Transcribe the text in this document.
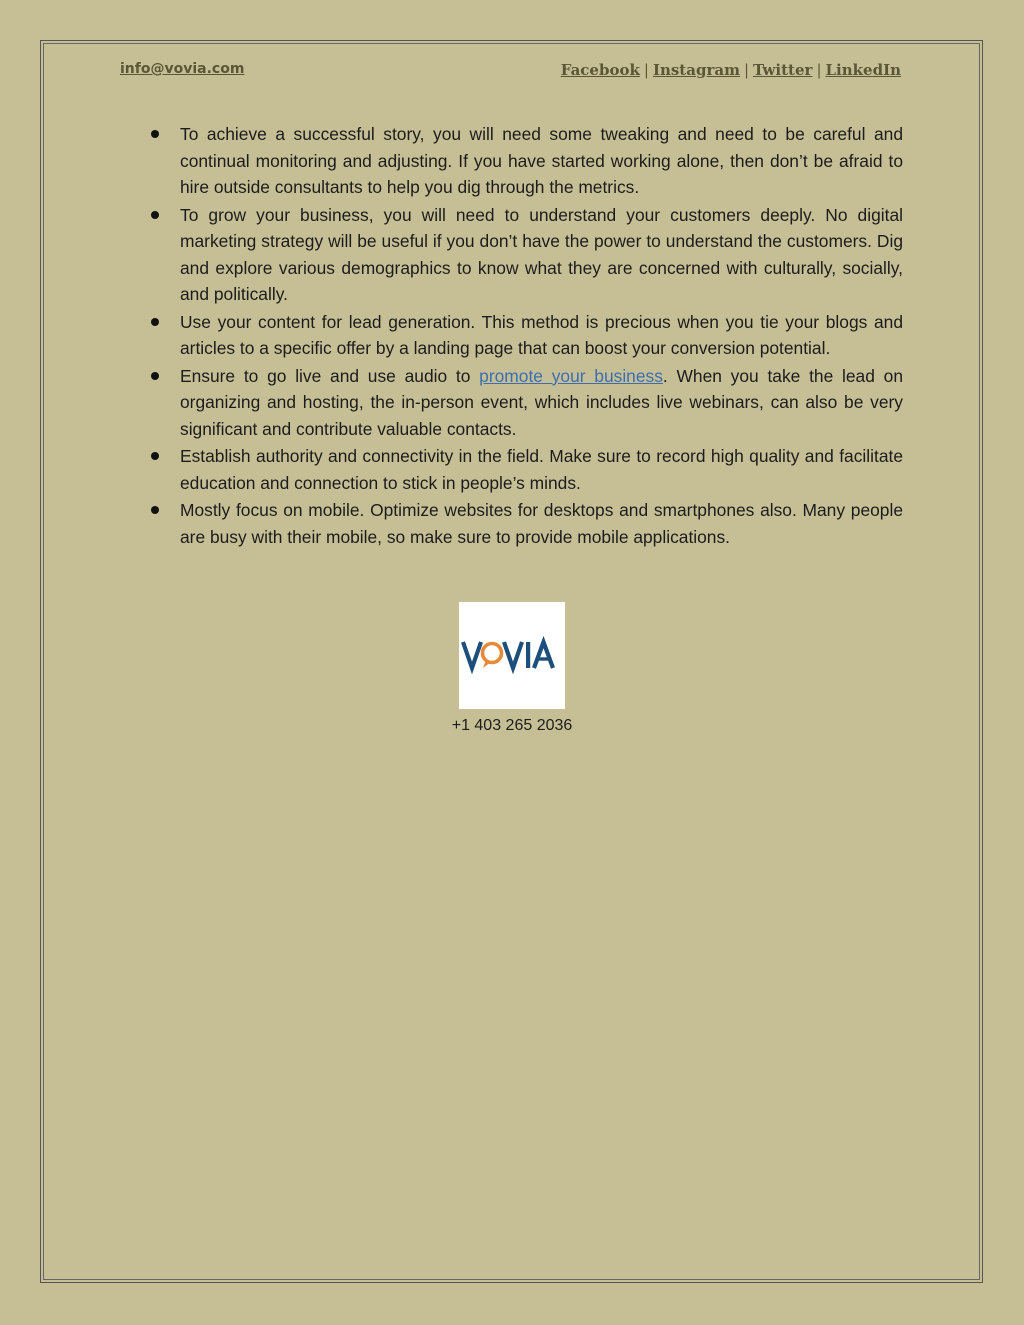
info@vovia.com	Facebook | Instagram | Twitter | LinkedIn
To achieve a successful story, you will need some tweaking and need to be careful and continual monitoring and adjusting. If you have started working alone, then don’t be afraid to hire outside consultants to help you dig through the metrics.
To grow your business, you will need to understand your customers deeply. No digital marketing strategy will be useful if you don’t have the power to understand the customers. Dig and explore various demographics to know what they are concerned with culturally, socially, and politically.
Use your content for lead generation. This method is precious when you tie your blogs and articles to a specific offer by a landing page that can boost your conversion potential.
Ensure to go live and use audio to promote your business. When you take the lead on organizing and hosting, the in-person event, which includes live webinars, can also be very significant and contribute valuable contacts.
Establish authority and connectivity in the field. Make sure to record high quality and facilitate education and connection to stick in people’s minds.
Mostly focus on mobile. Optimize websites for desktops and smartphones also. Many people are busy with their mobile, so make sure to provide mobile applications.
+1 403 265 2036
